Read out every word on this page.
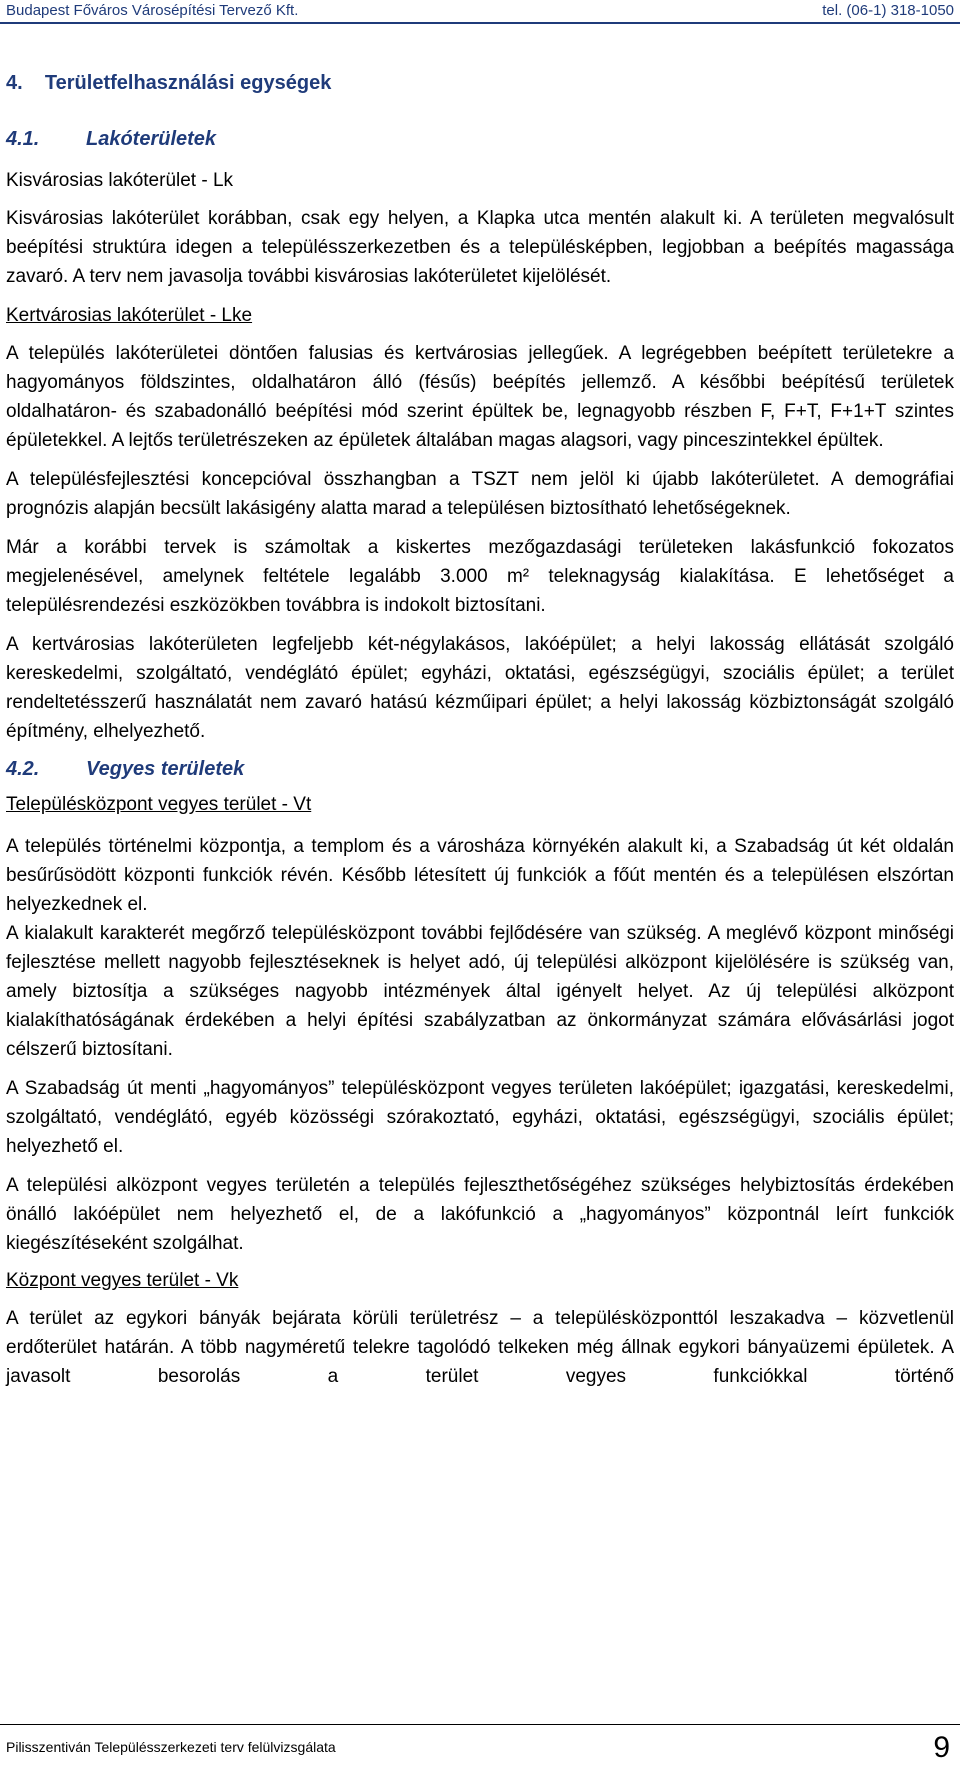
Budapest Főváros Városépítési Tervező Kft.	tel. (06-1) 318-1050
4.    Területfelhasználási egységek
4.1. Lakóterületek
Kisvárosias lakóterület - Lk

Kisvárosias lakóterület korábban, csak egy helyen, a Klapka utca mentén alakult ki. A területen megvalósult beépítési struktúra idegen a településszerkezetben és a településképben, legjobban a beépítés magassága zavaró. A terv nem javasolja további kisvárosias lakóterületet kijelölését.

Kertvárosias lakóterület - Lke

A település lakóterületei döntően falusias és kertvárosias jellegűek. A legrégebben beépített területekre a hagyományos földszintes, oldalhatáron álló (fésűs) beépítés jellemző. A későbbi beépítésű területek oldalhatáron- és szabadonálló beépítési mód szerint épültek be, legnagyobb részben F, F+T, F+1+T szintes épületekkel. A lejtős területrészeken az épületek általában magas alagsori, vagy pinceszintekkel épültek.

A településfejlesztési koncepcióval összhangban a TSZT nem jelöl ki újabb lakóterületet. A demográfiai prognózis alapján becsült lakásigény alatta marad a településen biztosítható lehetőségeknek.

Már a korábbi tervek is számoltak a kiskertes mezőgazdasági területeken lakásfunkció fokozatos megjelenésével, amelynek feltétele legalább 3.000 m² teleknagyság kialakítása. E lehetőséget a településrendezési eszközökben továbbra is indokolt biztosítani.

A kertvárosias lakóterületen legfeljebb két-négylakásos, lakóépület; a helyi lakosság ellátását szolgáló kereskedelmi, szolgáltató, vendéglátó épület; egyházi, oktatási, egészségügyi, szociális épület; a terület rendeltetésszerű használatát nem zavaró hatású kézműipari épület; a helyi lakosság közbiztonságát szolgáló építmény, elhelyezhető.

4.2. Vegyes területek
Településközpont vegyes terület - Vt

A település történelmi központja, a templom és a városháza környékén alakult ki, a Szabadság út két oldalán besűrűsödött központi funkciók révén. Később létesített új funkciók a főút mentén és a településen elszórtan helyezkednek el.

A kialakult karakterét megőrző településközpont további fejlődésére van szükség. A meglévő központ minőségi fejlesztése mellett nagyobb fejlesztéseknek is helyet adó, új települési alközpont kijelölésére is szükség van, amely biztosítja a szükséges nagyobb intézmények által igényelt helyet. Az új települési alközpont kialakíthatóságának érdekében a helyi építési szabályzatban az önkormányzat számára elővásárlási jogot célszerű biztosítani.

A Szabadság út menti „hagyományos” településközpont vegyes területen lakóépület; igazgatási, kereskedelmi, szolgáltató, vendéglátó, egyéb közösségi szórakoztató, egyházi, oktatási, egészségügyi, szociális épület; helyezhető el.

A települési alközpont vegyes területén a település fejleszthetőségéhez szükséges helybiztosítás érdekében önálló lakóépület nem helyezhető el, de a lakófunkció a „hagyományos” központnál leírt funkciók kiegészítéseként szolgálhat.

Központ vegyes terület - Vk

A terület az egykori bányák bejárata körüli területrész – a településközponttól leszakadva – közvetlenül erdőterület határán. A több nagyméretű telekre tagolódó telkeken még állnak egykori bányaüzemi épületek. A javasolt besorolás a terület vegyes funkciókkal történő

Pilisszentiván Településszerkezeti terv felülvizsgálata	9
